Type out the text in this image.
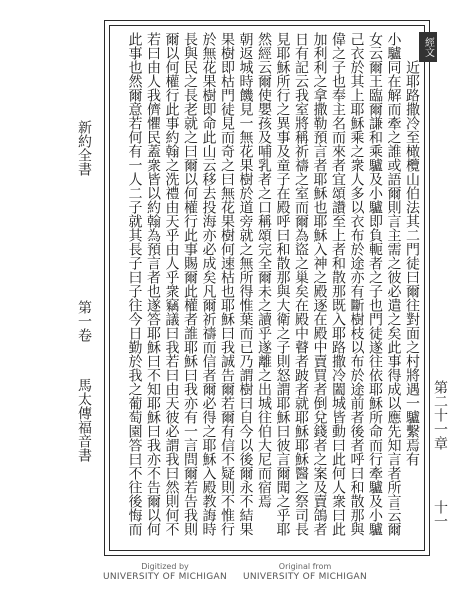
新約全書
第一卷
馬太傳福音書
經文
近耶路撒冷至橄欖山伯法其二門徒曰爾往對面之村將遇一驢繫焉有
小驢同在解而牽之誰或語爾則言主需之彼必遣之矣此事得成以應先知言者所言云爾
女云爾王臨爾謙和乘驢及小驢即負軛者之子也門徒遂往依耶穌所命而行牽驢及小驢
己衣於其上耶穌乘之衆人多以衣布於途亦有斷樹枝以布於途前者後者呼曰和散那與
偉之子也奉主名而來者宜頌讚至上者和散那既入耶路撒冷闔城皆動曰此何人衆曰此
加利利之拿撒勒預言者耶穌也耶穌入神之殿逐在殿中賣買者倒兌錢者之案及賣鴿者
日有記云我室將稱祈禱之室而爾為盜之巢矣在殿中瞽者跛者就耶穌耶穌醫之祭司長
見耶穌所行之異事及童子在殿呼曰和散那與大衛之子則怒謂耶穌曰彼言爾聞之乎耶
然經云爾使嬰孩及哺乳者之口稱頌完全爾未之讀乎遂離之出城往伯大尼而宿焉
朝返城時饑見一無花果樹於道旁就之無所得惟葉而已乃謂樹曰自今以後爾永不結果
果樹即枯門徒見而奇之曰無花果樹何速枯也耶穌曰我誠告爾若爾有信不疑則不惟行
於無花果樹即命此山云移去投海亦必成矣凡爾祈禱而信者爾必得之耶穌入殿教誨時
長與民之長老就之曰爾以何權行此事賜爾此權者誰耶穌曰我亦有一言問爾若告我則
爾以何權行此事約翰之洗禮由天乎由人乎衆竊議曰我若曰由天彼必謂我曰然則何不
若曰由人我儕懼民蓋衆皆以約翰為預言者也遂答耶穌曰不知耶穌曰我亦不告爾以何
此事也然爾意若何有一人二子就其長子曰子往今日勤於我之葡萄園答曰不往後悔而
第二十一章
十一
Digitized by
UNIVERSITY OF MICHIGAN
Original from
UNIVERSITY OF MICHIGAN
